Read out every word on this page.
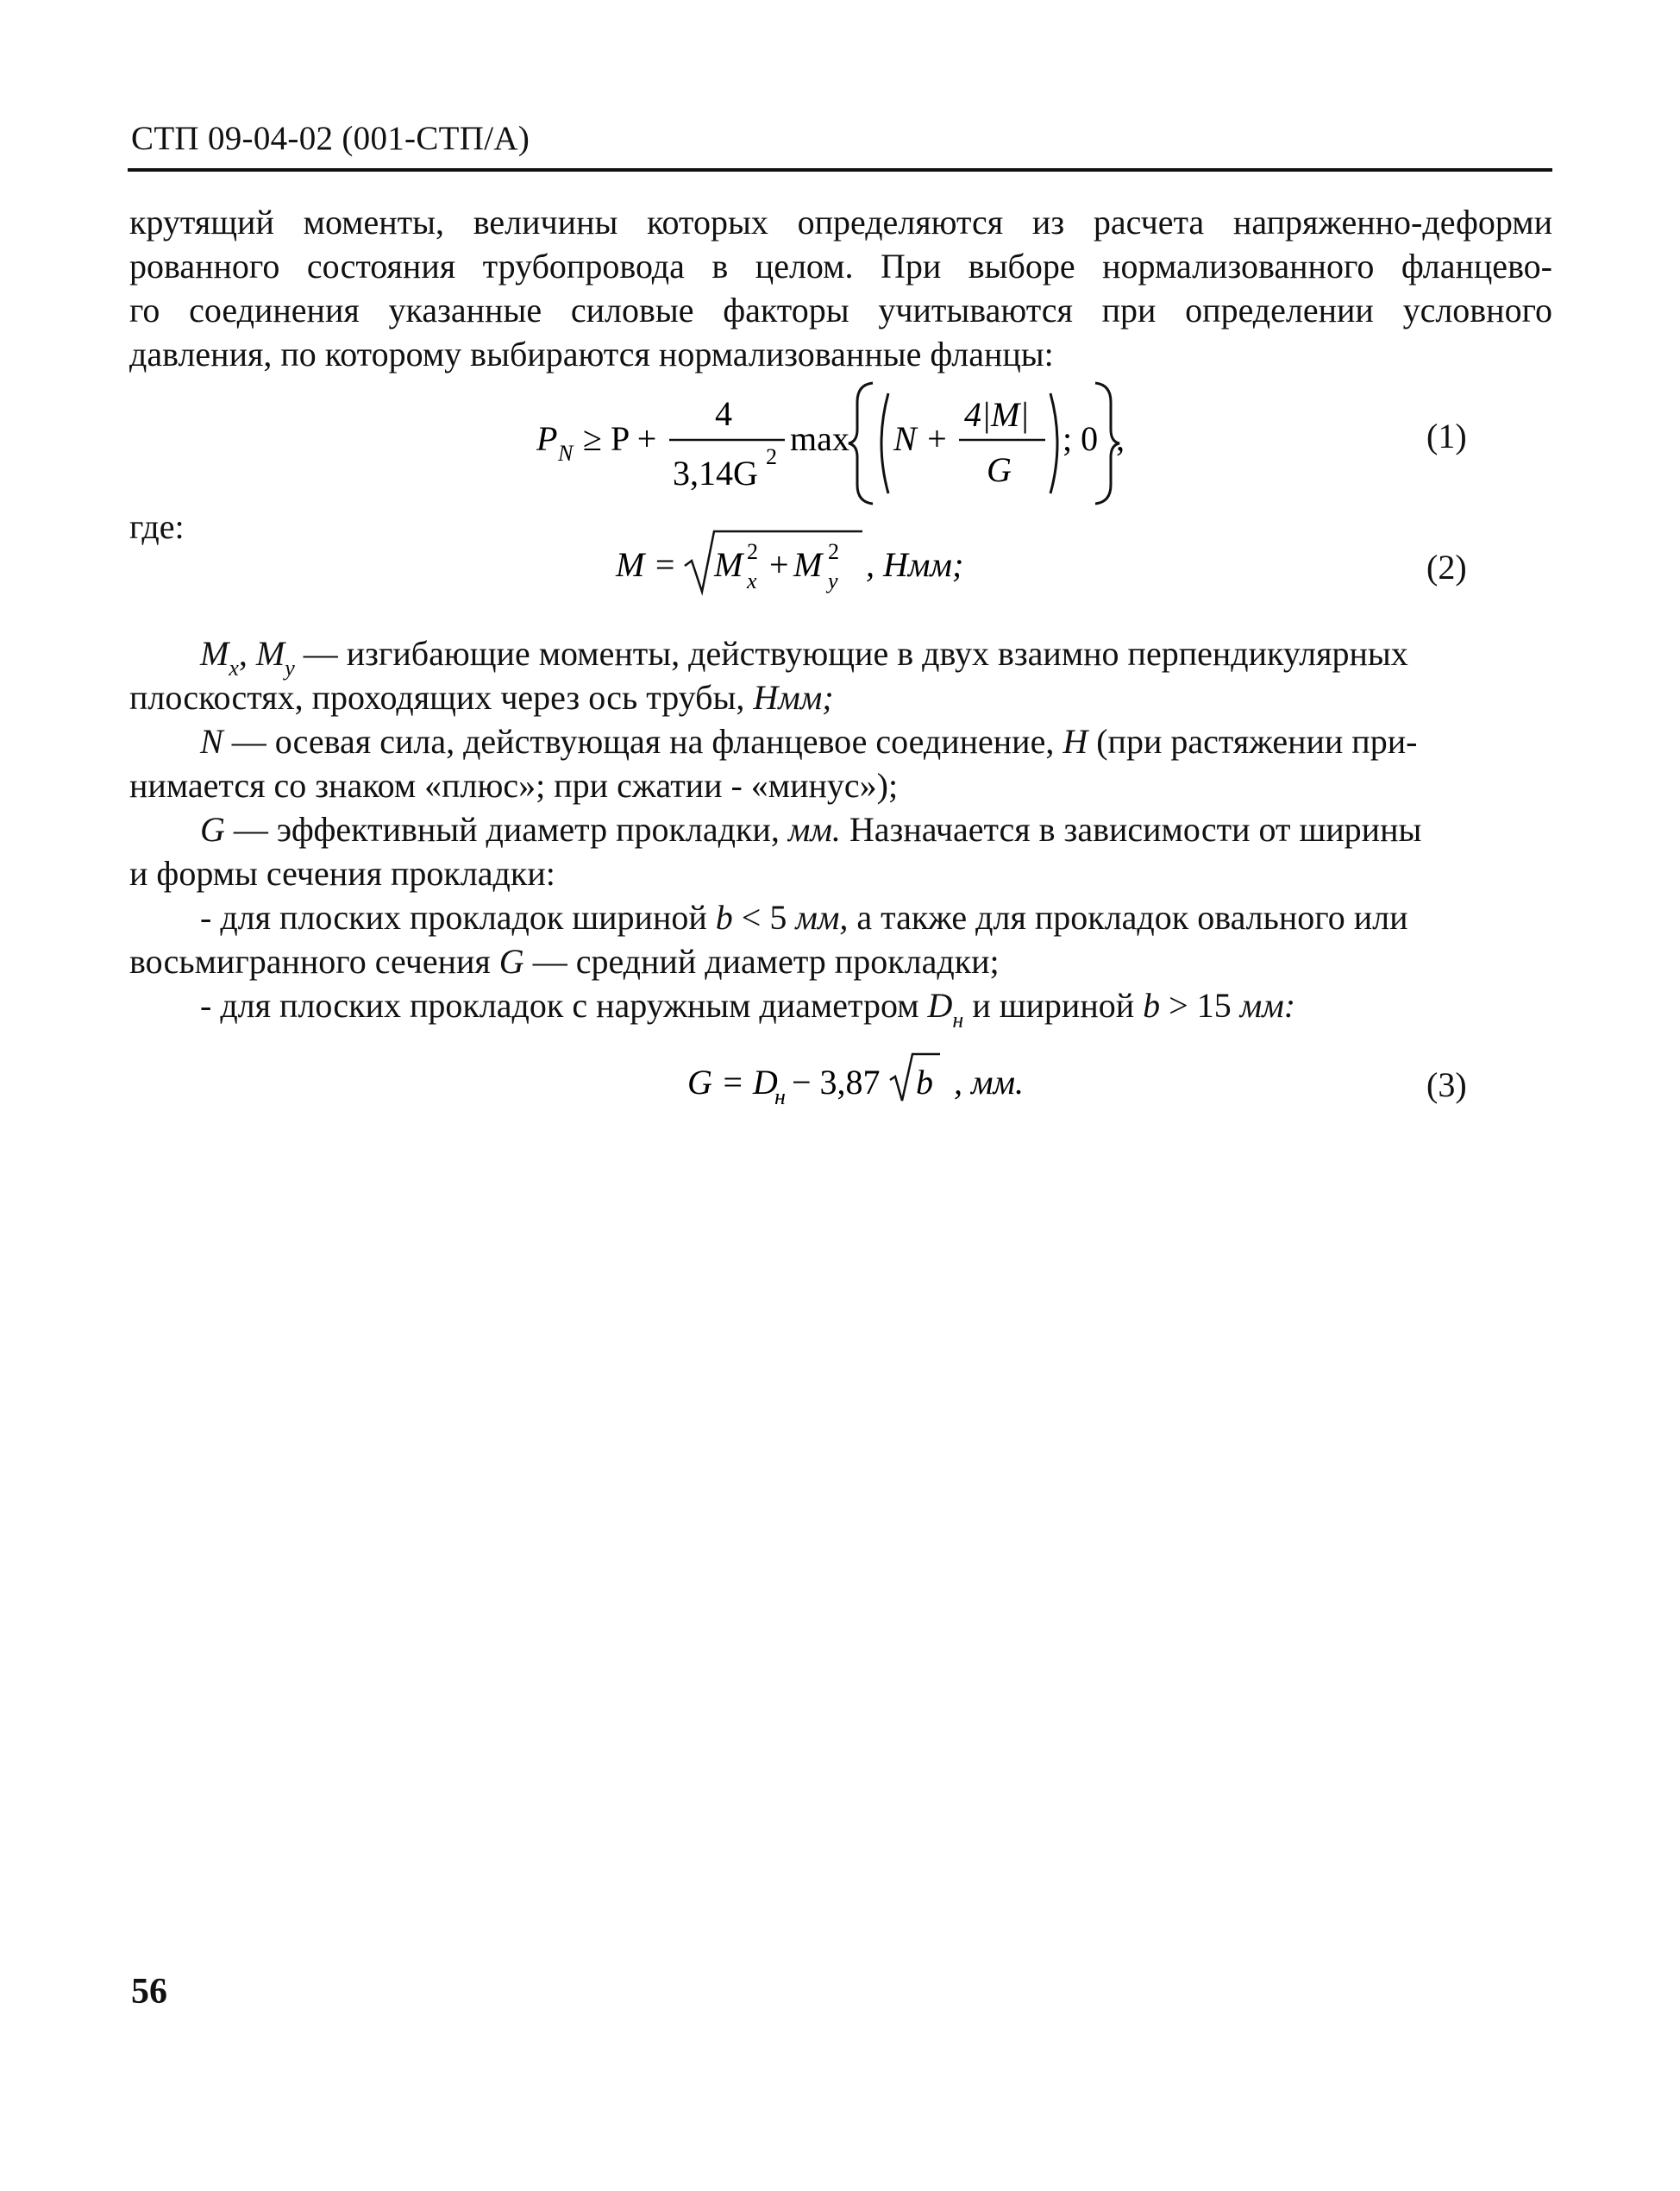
СТП 09-04-02 (001-СТП/А)

крутящий моменты, величины которых определяются из расчета напряженно-деформи

рованного состояния трубопровода в целом. При выборе нормализованного фланцево-

го соединения указанные силовые факторы учитываются при определении условного

давления, по которому выбираются нормализованные фланцы:

P N ≥ P +
4
3,14G 2 max N +
4|M|
G
; 0 ,	(1)
где:
M = M 2
x + M 2
y , Нмм;	(2)
$M_x$, $M_y$ — изгибающие моменты, действующие в двух взаимно перпендикулярных
плоскостях, проходящих через ось трубы, Нмм;
N — осевая сила, действующая на фланцевое соединение, Н (при растяжении при-
нимается со знаком «плюс»; при сжатии - «минус»);
G — эффективный диаметр прокладки, мм. Назначается в зависимости от ширины
и формы сечения прокладки:
- для плоских прокладок шириной b < 5 мм, а также для прокладок овального или
восьмигранного сечения G — средний диаметр прокладки;
- для плоских прокладок с наружным диаметром $D_н$ и шириной b > 15 мм:
G = D
н − 3,87 b , мм.	(3)
56
